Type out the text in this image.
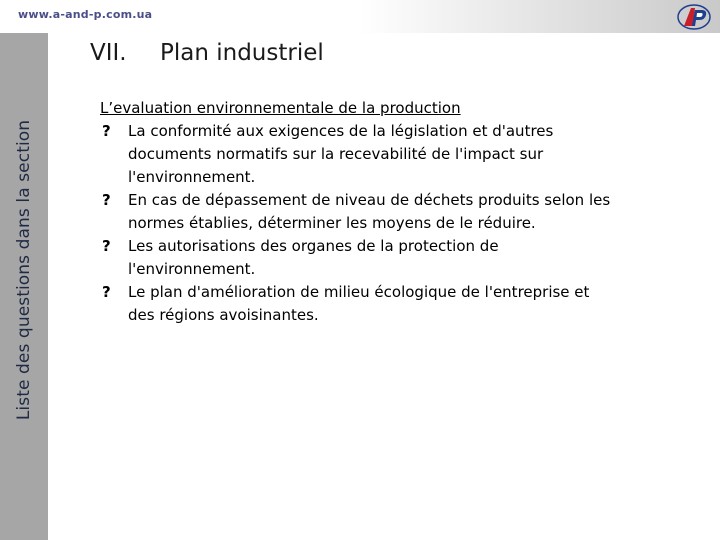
www.a-and-p.com.ua
Liste des questions dans la section
VII. Plan industriel
L’evaluation environnementale de la production
? La conformité aux exigences de la législation et d'autres documents normatifs sur la recevabilité de l'impact sur l'environnement.
? En cas de dépassement de niveau de déchets produits selon les normes établies, déterminer les moyens de le réduire.
? Les autorisations des organes de la protection de l'environnement.
? Le plan d'amélioration de milieu écologique de l'entreprise et des régions avoisinantes.
